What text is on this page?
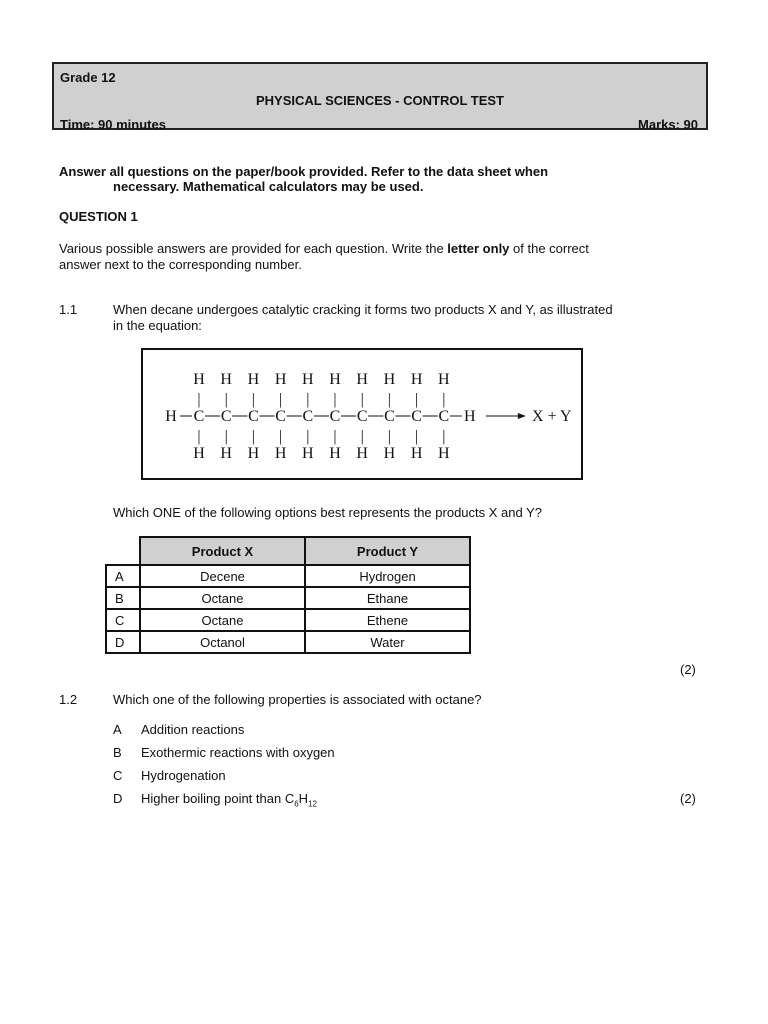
Grade 12
PHYSICAL SCIENCES - CONTROL TEST
Time: 90 minutes	Marks: 90
Answer all questions on the paper/book provided. Refer to the data sheet when
necessary. Mathematical calculators may be used.
QUESTION 1
Various possible answers are provided for each question. Write the letter only of the correct
answer next to the corresponding number.
1.1	When decane undergoes catalytic cracking it forms two products X and Y, as illustrated
in the equation:
H
H
|
C
|
H
H
|
C
|
H
H
|
C
|
H
H
|
C
|
H
H
|
C
|
H
H
|
C
|
H
H
|
C
|
H
H
|
C
|
H
H
|
C
|
H
H
|
C
|
H
H	X + Y
Which ONE of the following options best represents the products X and Y?
	Product X	Product Y
A	Decene	Hydrogen
B	Octane	Ethane
C	Octane	Ethene
D	Octanol	Water
(2)
1.2	Which one of the following properties is associated with octane?
A Addition reactions
B Exothermic reactions with oxygen
C Hydrogenation
D Higher boiling point than $C_6H_{12}$	(2)
